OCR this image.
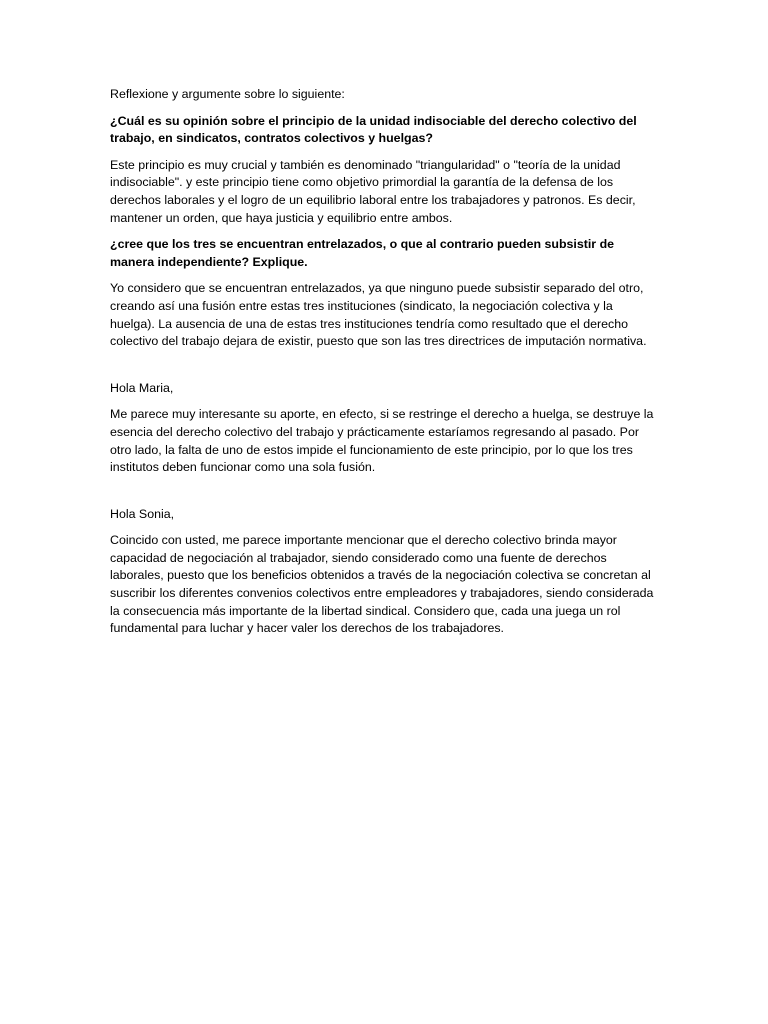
Reflexione y argumente sobre lo siguiente:

¿Cuál es su opinión sobre el principio de la unidad indisociable del derecho colectivo del trabajo, en sindicatos, contratos colectivos y huelgas?

Este principio es muy crucial y también es denominado "triangularidad" o "teoría de la unidad indisociable". y este principio tiene como objetivo primordial la garantía de la defensa de los derechos laborales y el logro de un equilibrio laboral entre los trabajadores y patronos. Es decir, mantener un orden, que haya justicia y equilibrio entre ambos.

¿cree que los tres se encuentran entrelazados, o que al contrario pueden subsistir de manera independiente? Explique.

Yo considero que se encuentran entrelazados, ya que ninguno puede subsistir separado del otro, creando así una fusión entre estas tres instituciones (sindicato, la negociación colectiva y la huelga). La ausencia de una de estas tres instituciones tendría como resultado que el derecho colectivo del trabajo dejara de existir, puesto que son las tres directrices de imputación normativa.

Hola Maria,

Me parece muy interesante su aporte, en efecto, si se restringe el derecho a huelga, se destruye la esencia del derecho colectivo del trabajo y prácticamente estaríamos regresando al pasado. Por otro lado, la falta de uno de estos impide el funcionamiento de este principio, por lo que los tres institutos deben funcionar como una sola fusión.

Hola Sonia,

Coincido con usted, me parece importante mencionar que el derecho colectivo brinda mayor capacidad de negociación al trabajador, siendo considerado como una fuente de derechos laborales, puesto que los beneficios obtenidos a través de la negociación colectiva se concretan al suscribir los diferentes convenios colectivos entre empleadores y trabajadores, siendo considerada la consecuencia más importante de la libertad sindical. Considero que, cada una juega un rol fundamental para luchar y hacer valer los derechos de los trabajadores.
